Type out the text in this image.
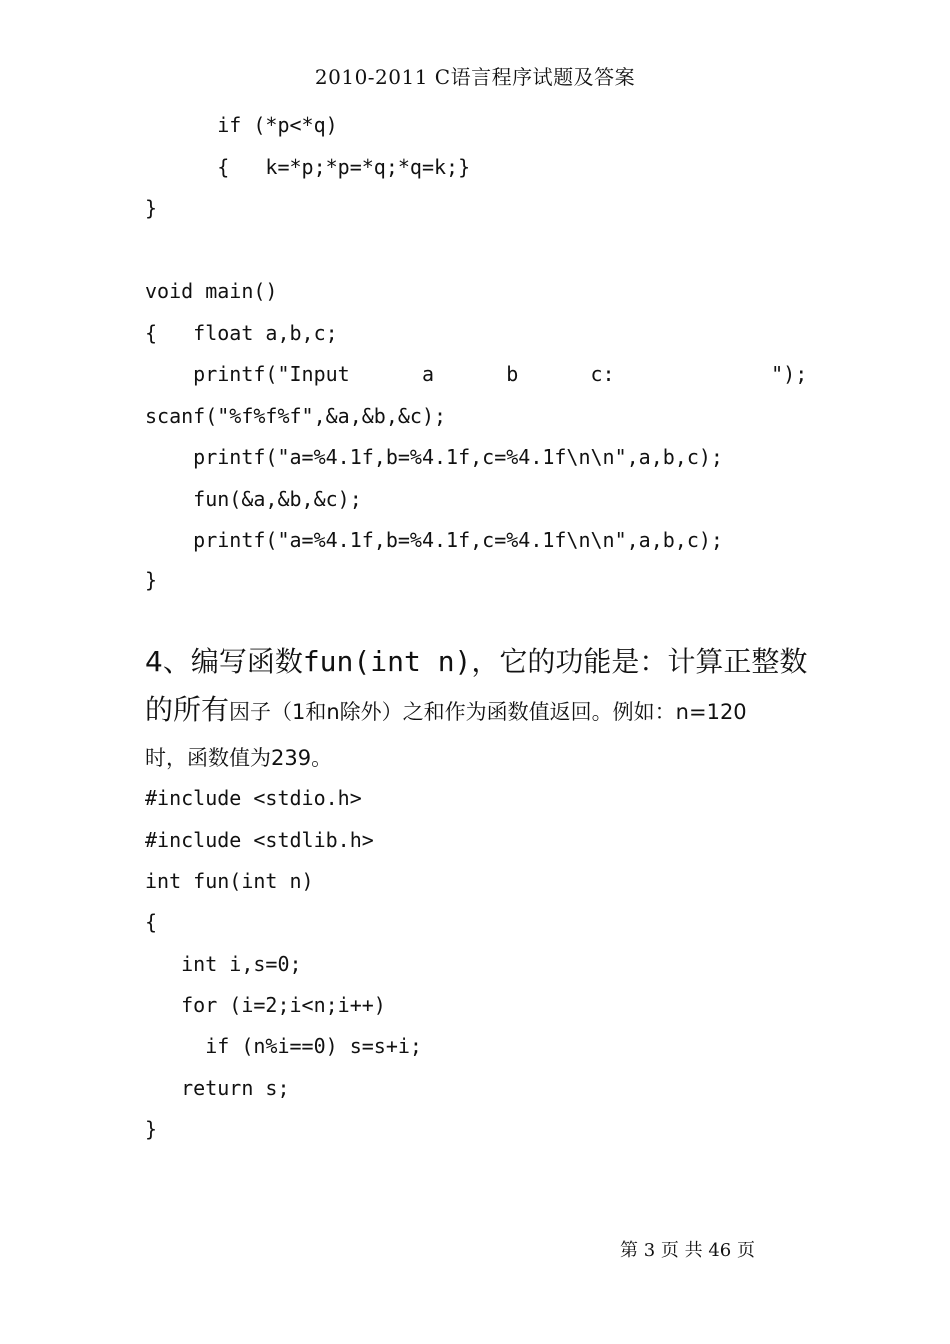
2010-2011 C语言程序试题及答案
if (*p<*q)
{   k=*p;*p=*q;*q=k;}
}
void main()
{   float a,b,c;
printf("Input      a      b      c:             ");
scanf("%f%f%f",&a,&b,&c);
printf("a=%4.1f,b=%4.1f,c=%4.1f\n\n",a,b,c);
fun(&a,&b,&c);
printf("a=%4.1f,b=%4.1f,c=%4.1f\n\n",a,b,c);
}
4、编写函数fun(int n)，它的功能是：计算正整数
的所有因子（1和n除外）之和作为函数值返回。例如：n=120
时，函数值为239。
#include <stdio.h>
#include <stdlib.h>
int fun(int n)
{
int i,s=0;
for (i=2;i<n;i++)
if (n%i==0) s=s+i;
return s;
}
第 3 页 共 46 页
